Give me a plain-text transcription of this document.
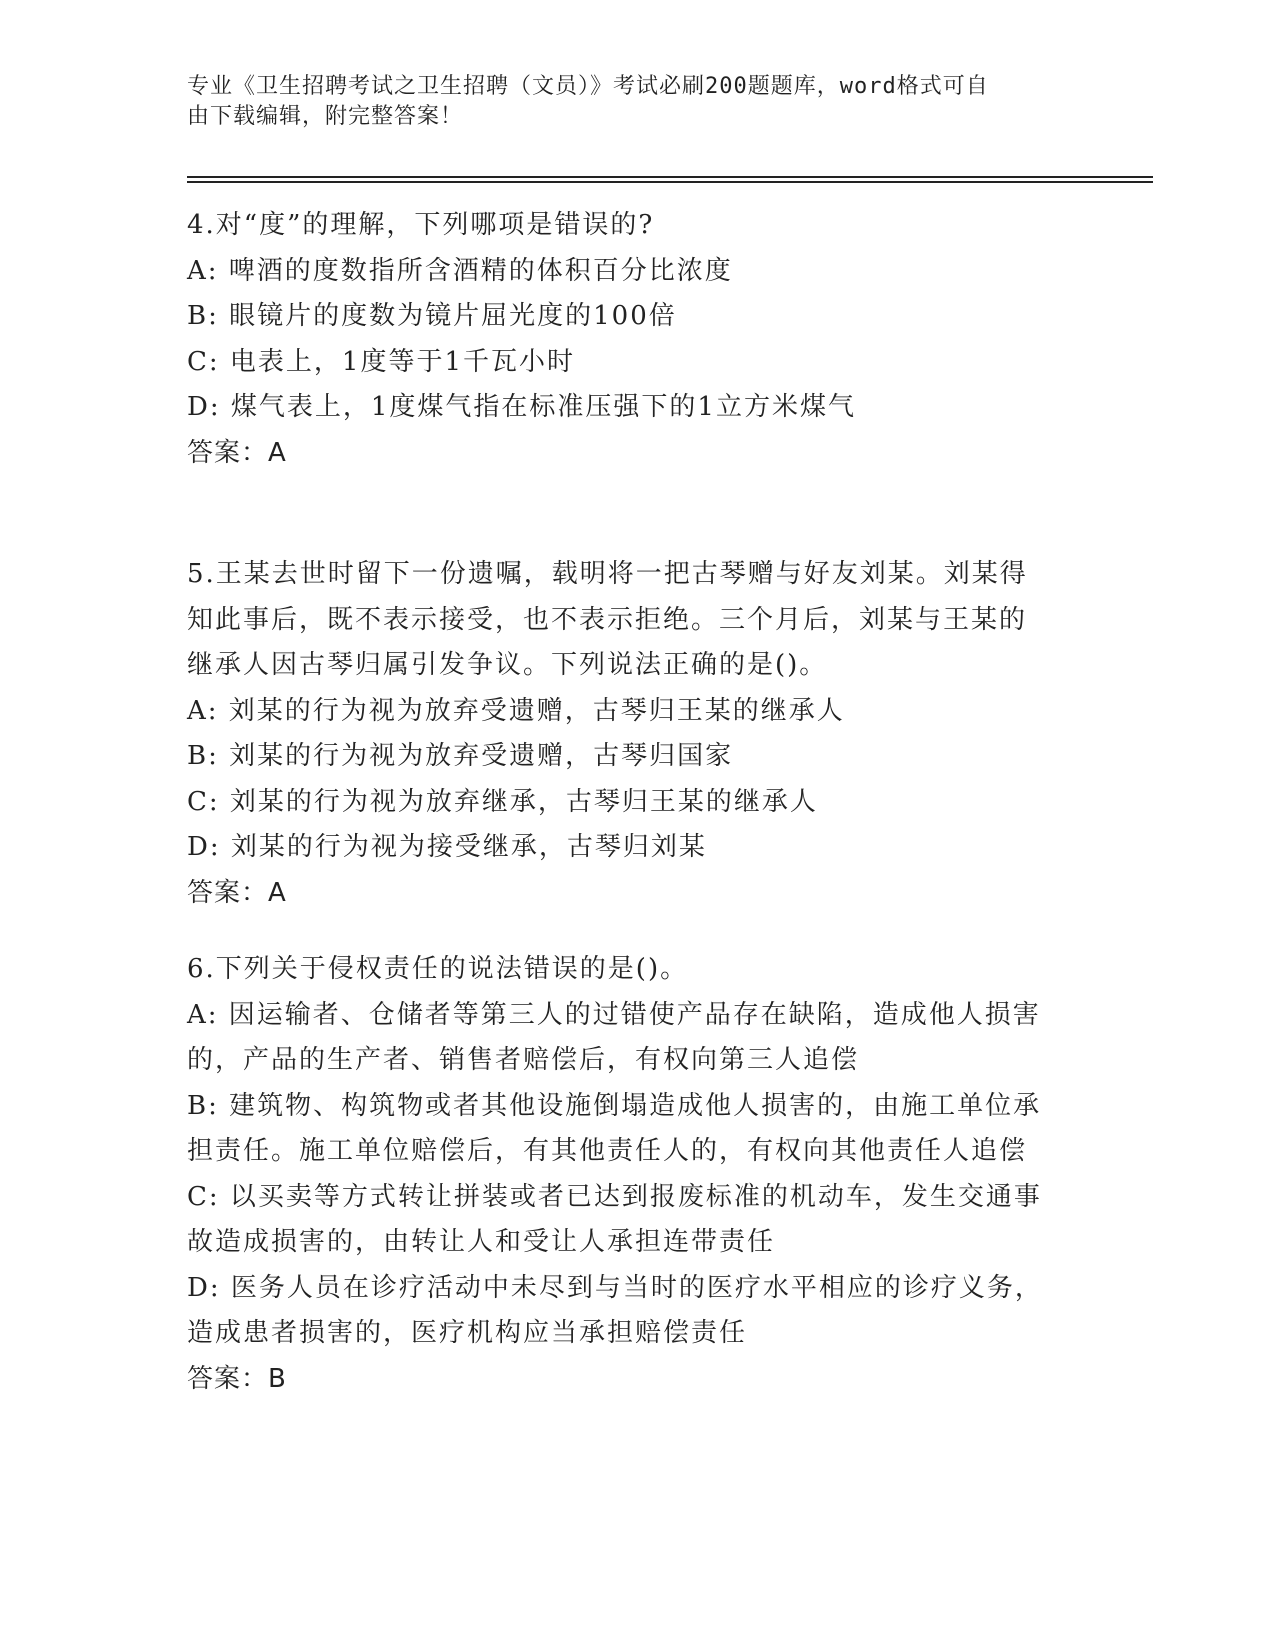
专业《卫生招聘考试之卫生招聘（文员）》考试必刷200题题库，word格式可自
由下载编辑，附完整答案！
4.对“度”的理解，下列哪项是错误的?
A: 啤酒的度数指所含酒精的体积百分比浓度
B: 眼镜片的度数为镜片屈光度的100倍
C: 电表上，1度等于1千瓦小时
D: 煤气表上，1度煤气指在标准压强下的1立方米煤气
答案：A
5.王某去世时留下一份遗嘱，载明将一把古琴赠与好友刘某。刘某得
知此事后，既不表示接受，也不表示拒绝。三个月后，刘某与王某的
继承人因古琴归属引发争议。下列说法正确的是()。
A: 刘某的行为视为放弃受遗赠，古琴归王某的继承人
B: 刘某的行为视为放弃受遗赠，古琴归国家
C: 刘某的行为视为放弃继承，古琴归王某的继承人
D: 刘某的行为视为接受继承，古琴归刘某
答案：A
6.下列关于侵权责任的说法错误的是()。
A: 因运输者、仓储者等第三人的过错使产品存在缺陷，造成他人损害
的，产品的生产者、销售者赔偿后，有权向第三人追偿
B: 建筑物、构筑物或者其他设施倒塌造成他人损害的，由施工单位承
担责任。施工单位赔偿后，有其他责任人的，有权向其他责任人追偿
C: 以买卖等方式转让拼装或者已达到报废标准的机动车，发生交通事
故造成损害的，由转让人和受让人承担连带责任
D: 医务人员在诊疗活动中未尽到与当时的医疗水平相应的诊疗义务，
造成患者损害的，医疗机构应当承担赔偿责任
答案：B
